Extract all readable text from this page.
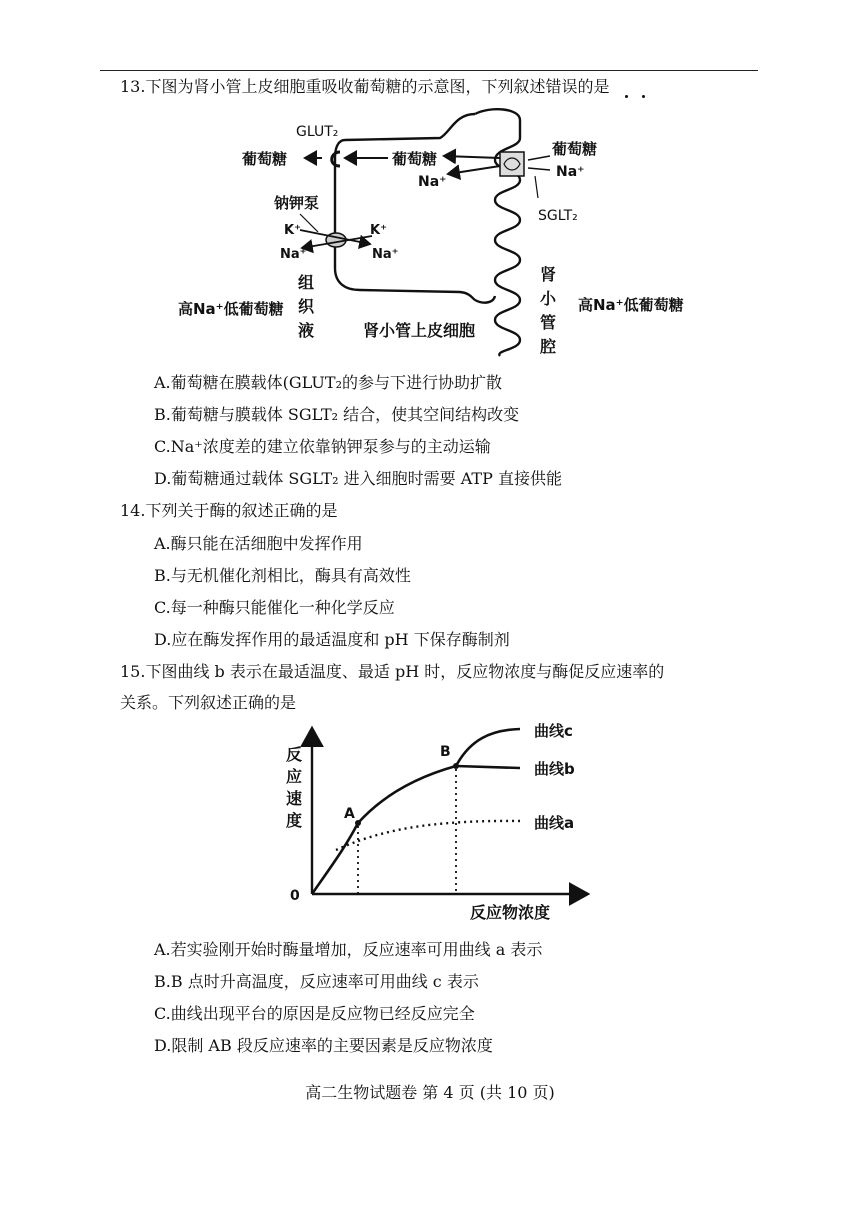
13.下图为肾小管上皮细胞重吸收葡萄糖的示意图，下列叙述错误的是
GLUT₂
葡萄糖	葡萄糖
Na⁺
葡萄糖
Na⁺
SGLT₂
钠钾泵
K⁺	K⁺
Na⁺	Na⁺
组织液
高Na⁺低葡萄糖
肾小管上皮细胞
肾小管腔
高Na⁺低葡萄糖
A.葡萄糖在膜载体(GLUT₂的参与下进行协助扩散
B.葡萄糖与膜载体 SGLT₂ 结合，使其空间结构改变
C.Na⁺浓度差的建立依靠钠钾泵参与的主动运输
D.葡萄糖通过载体 SGLT₂ 进入细胞时需要 ATP 直接供能
14.下列关于酶的叙述正确的是
A.酶只能在活细胞中发挥作用
B.与无机催化剂相比，酶具有高效性
C.每一种酶只能催化一种化学反应
D.应在酶发挥作用的最适温度和 pH 下保存酶制剂
15.下图曲线 b 表示在最适温度、最适 pH 时，反应物浓度与酶促反应速率的
关系。下列叙述正确的是
反应速度
0
反应物浓度
A
B
曲线c
曲线b
曲线a
A.若实验刚开始时酶量增加，反应速率可用曲线 a 表示
B.B 点时升高温度，反应速率可用曲线 c 表示
C.曲线出现平台的原因是反应物已经反应完全
D.限制 AB 段反应速率的主要因素是反应物浓度
高二生物试题卷 第 4 页 (共 10 页)
